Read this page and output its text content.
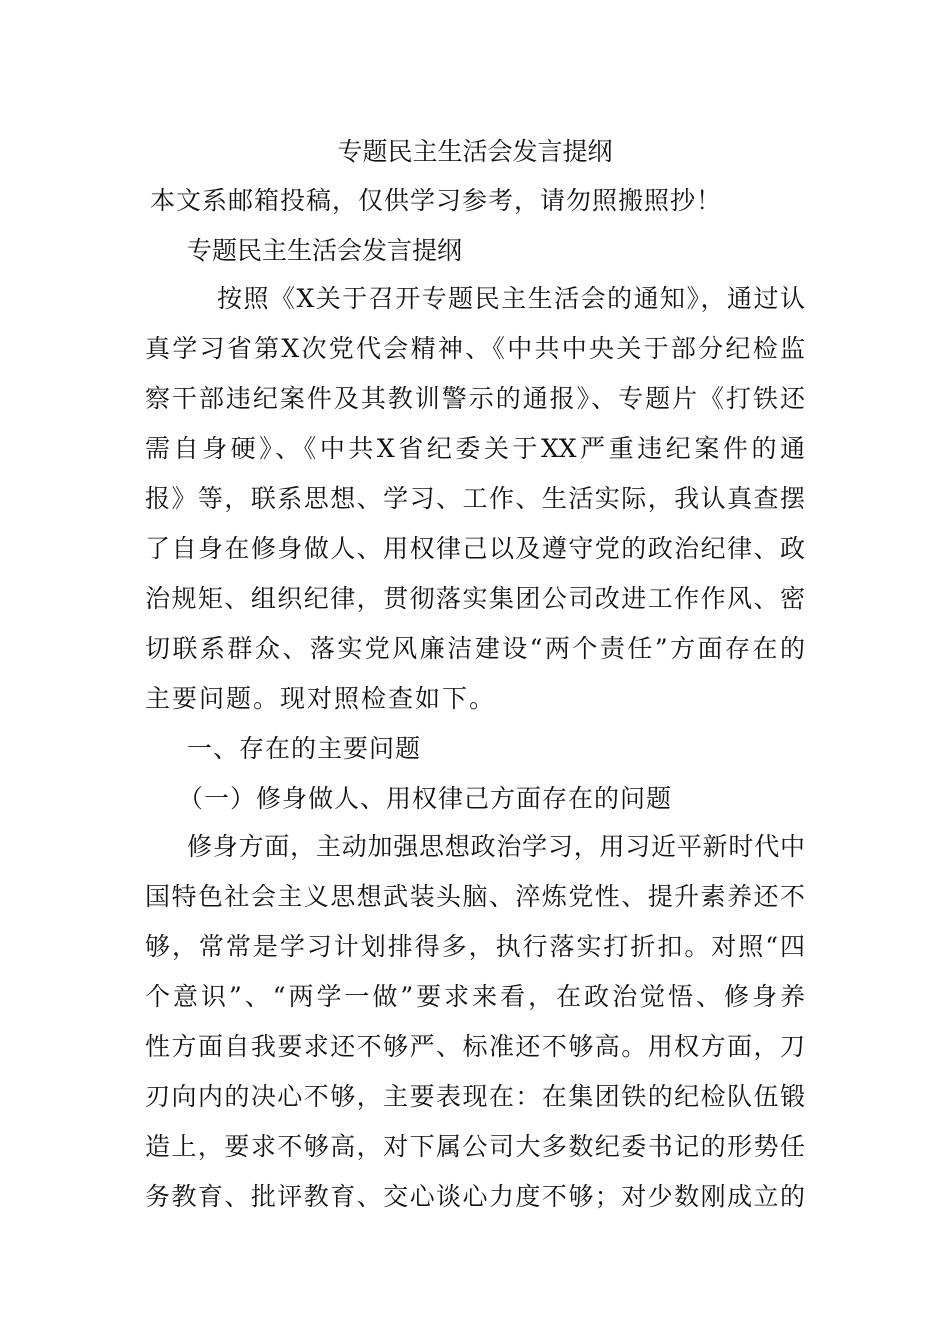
专题民主生活会发言提纲
本文系邮箱投稿，仅供学习参考，请勿照搬照抄！
专题民主生活会发言提纲
按照《X关于召开专题民主生活会的通知》，通过认
真学习省第X次党代会精神、《中共中央关于部分纪检监
察干部违纪案件及其教训警示的通报》、专题片《打铁还
需自身硬》、《中共X省纪委关于XX严重违纪案件的通
报》等，联系思想、学习、工作、生活实际，我认真查摆
了自身在修身做人、用权律己以及遵守党的政治纪律、政
治规矩、组织纪律，贯彻落实集团公司改进工作作风、密
切联系群众、落实党风廉洁建设“两个责任”方面存在的
主要问题。现对照检查如下。
一、存在的主要问题
（一）修身做人、用权律己方面存在的问题
修身方面，主动加强思想政治学习，用习近平新时代中
国特色社会主义思想武装头脑、淬炼党性、提升素养还不
够，常常是学习计划排得多，执行落实打折扣。对照“四
个意识”、“两学一做”要求来看，在政治觉悟、修身养
性方面自我要求还不够严、标准还不够高。用权方面，刀
刃向内的决心不够，主要表现在：在集团铁的纪检队伍锻
造上，要求不够高，对下属公司大多数纪委书记的形势任
务教育、批评教育、交心谈心力度不够；对少数刚成立的
